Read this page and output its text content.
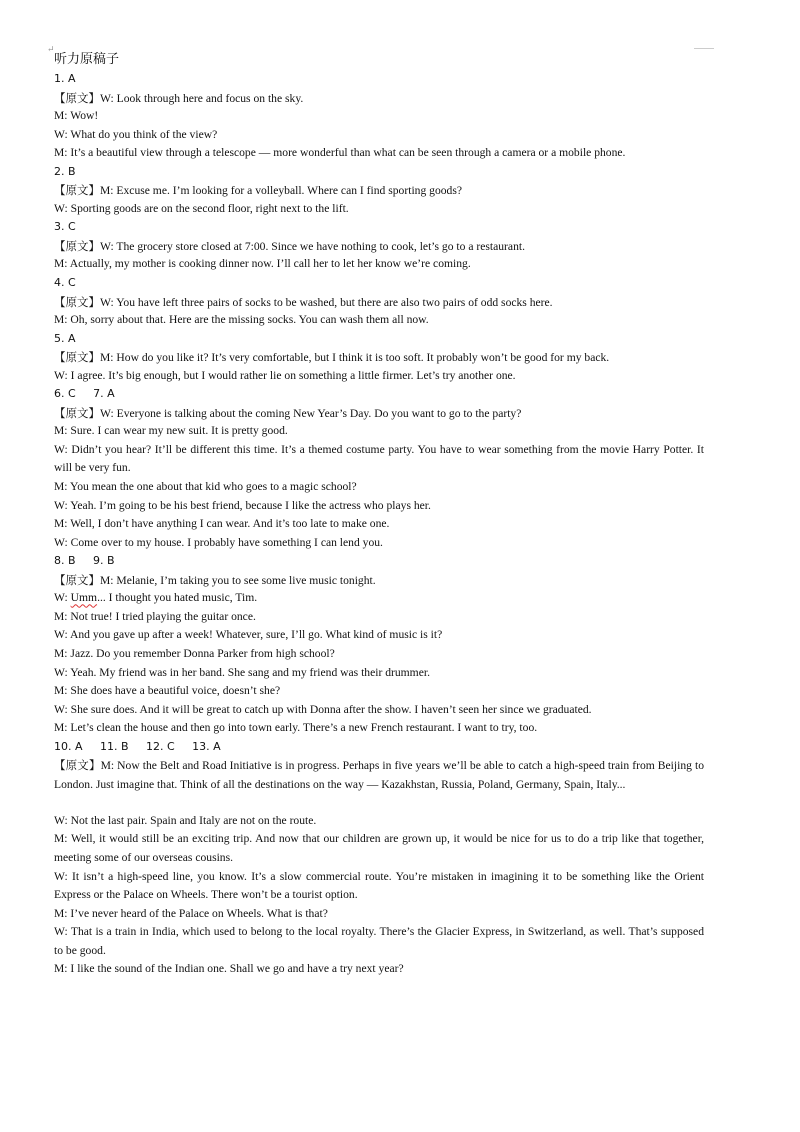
↵
听力原稿子
1. A
【原文】W: Look through here and focus on the sky.
M: Wow!
W: What do you think of the view?
M: It’s a beautiful view through a telescope — more wonderful than what can be seen through a camera or a mobile phone.
2. B
【原文】M: Excuse me. I’m looking for a volleyball. Where can I find sporting goods?
W: Sporting goods are on the second floor, right next to the lift.
3. C
【原文】W: The grocery store closed at 7:00. Since we have nothing to cook, let’s go to a restaurant.
M: Actually, my mother is cooking dinner now. I’ll call her to let her know we’re coming.
4. C
【原文】W: You have left three pairs of socks to be washed, but there are also two pairs of odd socks here.
M: Oh, sorry about that. Here are the missing socks. You can wash them all now.
5. A
【原文】M: How do you like it? It’s very comfortable, but I think it is too soft. It probably won’t be good for my back.
W: I agree. It’s big enough, but I would rather lie on something a little firmer. Let’s try another one.
6. C     7. A
【原文】W: Everyone is talking about the coming New Year’s Day. Do you want to go to the party?
M: Sure. I can wear my new suit. It is pretty good.
W: Didn’t you hear? It’ll be different this time. It’s a themed costume party. You have to wear something from the movie Harry Potter. It will be very fun.
M: You mean the one about that kid who goes to a magic school?
W: Yeah. I’m going to be his best friend, because I like the actress who plays her.
M: Well, I don’t have anything I can wear. And it’s too late to make one.
W: Come over to my house. I probably have something I can lend you.
8. B     9. B
【原文】M: Melanie, I’m taking you to see some live music tonight.
W: Umm... I thought you hated music, Tim.
M: Not true! I tried playing the guitar once.
W: And you gave up after a week! Whatever, sure, I’ll go. What kind of music is it?
M: Jazz. Do you remember Donna Parker from high school?
W: Yeah. My friend was in her band. She sang and my friend was their drummer.
M: She does have a beautiful voice, doesn’t she?
W: She sure does. And it will be great to catch up with Donna after the show. I haven’t seen her since we graduated.
M: Let’s clean the house and then go into town early. There’s a new French restaurant. I want to try, too.
10. A     11. B     12. C     13. A
【原文】M: Now the Belt and Road Initiative is in progress. Perhaps in five years we’ll be able to catch a high-speed train from Beijing to London. Just imagine that. Think of all the destinations on the way — Kazakhstan, Russia, Poland, Germany, Spain, Italy...
W: Not the last pair. Spain and Italy are not on the route.
M: Well, it would still be an exciting trip. And now that our children are grown up, it would be nice for us to do a trip like that together, meeting some of our overseas cousins.
W: It isn’t a high-speed line, you know. It’s a slow commercial route. You’re mistaken in imagining it to be something like the Orient Express or the Palace on Wheels. There won’t be a tourist option.
M: I’ve never heard of the Palace on Wheels. What is that?
W: That is a train in India, which used to belong to the local royalty. There’s the Glacier Express, in Switzerland, as well. That’s supposed to be good.
M: I like the sound of the Indian one. Shall we go and have a try next year?
